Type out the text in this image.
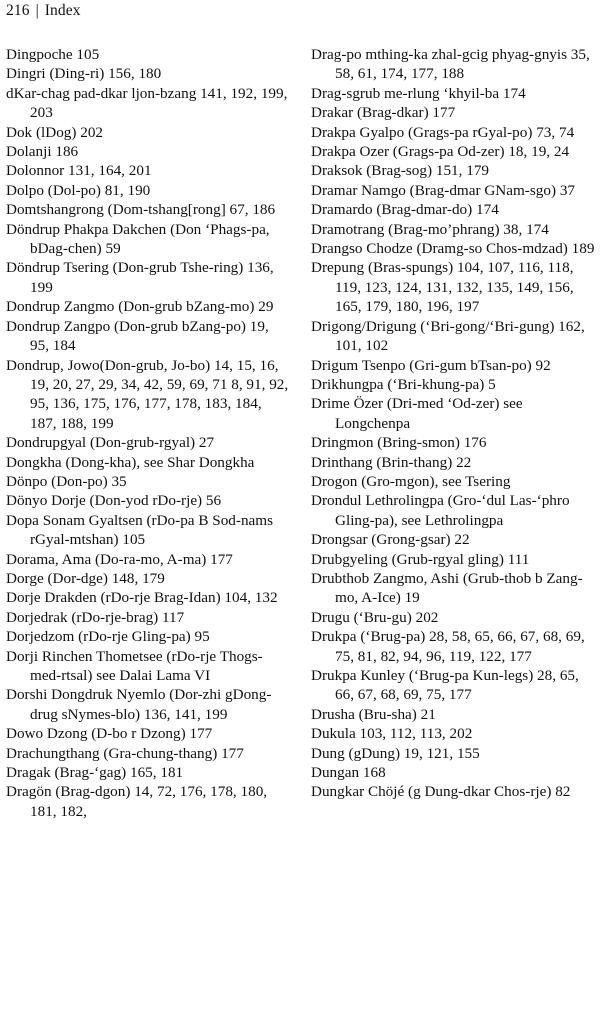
216 | Index

Dingpoche 105

Dingri (Ding-ri) 156, 180

dKar-chag pad-dkar ljon-bzang 141, 192, 199, 203

Dok (lDog) 202

Dolanji 186

Dolonnor 131, 164, 201

Dolpo (Dol-po) 81, 190

Domtshangrong (Dom-tshang[rong] 67, 186

Döndrup Phakpa Dakchen (Don ‘Phags-pa, bDag-chen) 59

Döndrup Tsering (Don-grub Tshe-ring) 136, 199

Dondrup Zangmo (Don-grub bZang-mo) 29

Dondrup Zangpo (Don-grub bZang-po) 19, 95, 184

Dondrup, Jowo(Don-grub, Jo-bo) 14, 15, 16, 19, 20, 27, 29, 34, 42, 59, 69, 71 8, 91, 92, 95, 136, 175, 176, 177, 178, 183, 184, 187, 188, 199

Dondrupgyal (Don-grub-rgyal) 27

Dongkha (Dong-kha), see Shar Dongkha

Dönpo (Don-po) 35

Dönyo Dorje (Don-yod rDo-rje) 56

Dopa Sonam Gyaltsen (rDo-pa B Sod-nams rGyal-mtshan) 105

Dorama, Ama (Do-ra-mo, A-ma) 177

Dorge (Dor-dge) 148, 179

Dorje Drakden (rDo-rje Brag-Idan) 104, 132

Dorjedrak (rDo-rje-brag) 117

Dorjedzom (rDo-rje Gling-pa) 95

Dorji Rinchen Thometsee (rDo-rje Thogs-med-rtsal) see Dalai Lama VI

Dorshi Dongdruk Nyemlo (Dor-zhi gDong-drug sNymes-blo) 136, 141, 199

Dowo Dzong (D-bo r Dzong) 177

Drachungthang (Gra-chung-thang) 177

Dragak (Brag-‘gag) 165, 181

Dragön (Brag-dgon) 14, 72, 176, 178, 180, 181, 182,

Drag-po mthing-ka zhal-gcig phyag-gnyis 35, 58, 61, 174, 177, 188

Drag-sgrub me-rlung ‘khyil-ba 174

Drakar (Brag-dkar) 177

Drakpa Gyalpo (Grags-pa rGyal-po) 73, 74

Drakpa Ozer (Grags-pa Od-zer) 18, 19, 24

Draksok (Brag-sog) 151, 179

Dramar Namgo (Brag-dmar GNam-sgo) 37

Dramardo (Brag-dmar-do) 174

Dramotrang (Brag-mo’phrang) 38, 174

Drangso Chodze (Dramg-so Chos-mdzad) 189

Drepung (Bras-spungs) 104, 107, 116, 118, 119, 123, 124, 131, 132, 135, 149, 156, 165, 179, 180, 196, 197

Drigong/Drigung (‘Bri-gong/‘Bri-gung) 162, 101, 102

Drigum Tsenpo (Gri-gum bTsan-po) 92

Drikhungpa (‘Bri-khung-pa) 5

Drime Özer (Dri-med ‘Od-zer) see Longchenpa

Dringmon (Bring-smon) 176

Drinthang (Brin-thang) 22

Drogon (Gro-mgon), see Tsering

Drondul Lethrolingpa (Gro-‘dul Las-‘phro Gling-pa), see Lethrolingpa

Drongsar (Grong-gsar) 22

Drubgyeling (Grub-rgyal gling) 111

Drubthob Zangmo, Ashi (Grub-thob b Zang-mo, A-Ice) 19

Drugu (‘Bru-gu) 202

Drukpa (‘Brug-pa) 28, 58, 65, 66, 67, 68, 69, 75, 81, 82, 94, 96, 119, 122, 177

Drukpa Kunley (‘Brug-pa Kun-legs) 28, 65, 66, 67, 68, 69, 75, 177

Drusha (Bru-sha) 21

Dukula 103, 112, 113, 202

Dung (gDung) 19, 121, 155

Dungan 168

Dungkar Chöjé (g Dung-dkar Chos-rje) 82
